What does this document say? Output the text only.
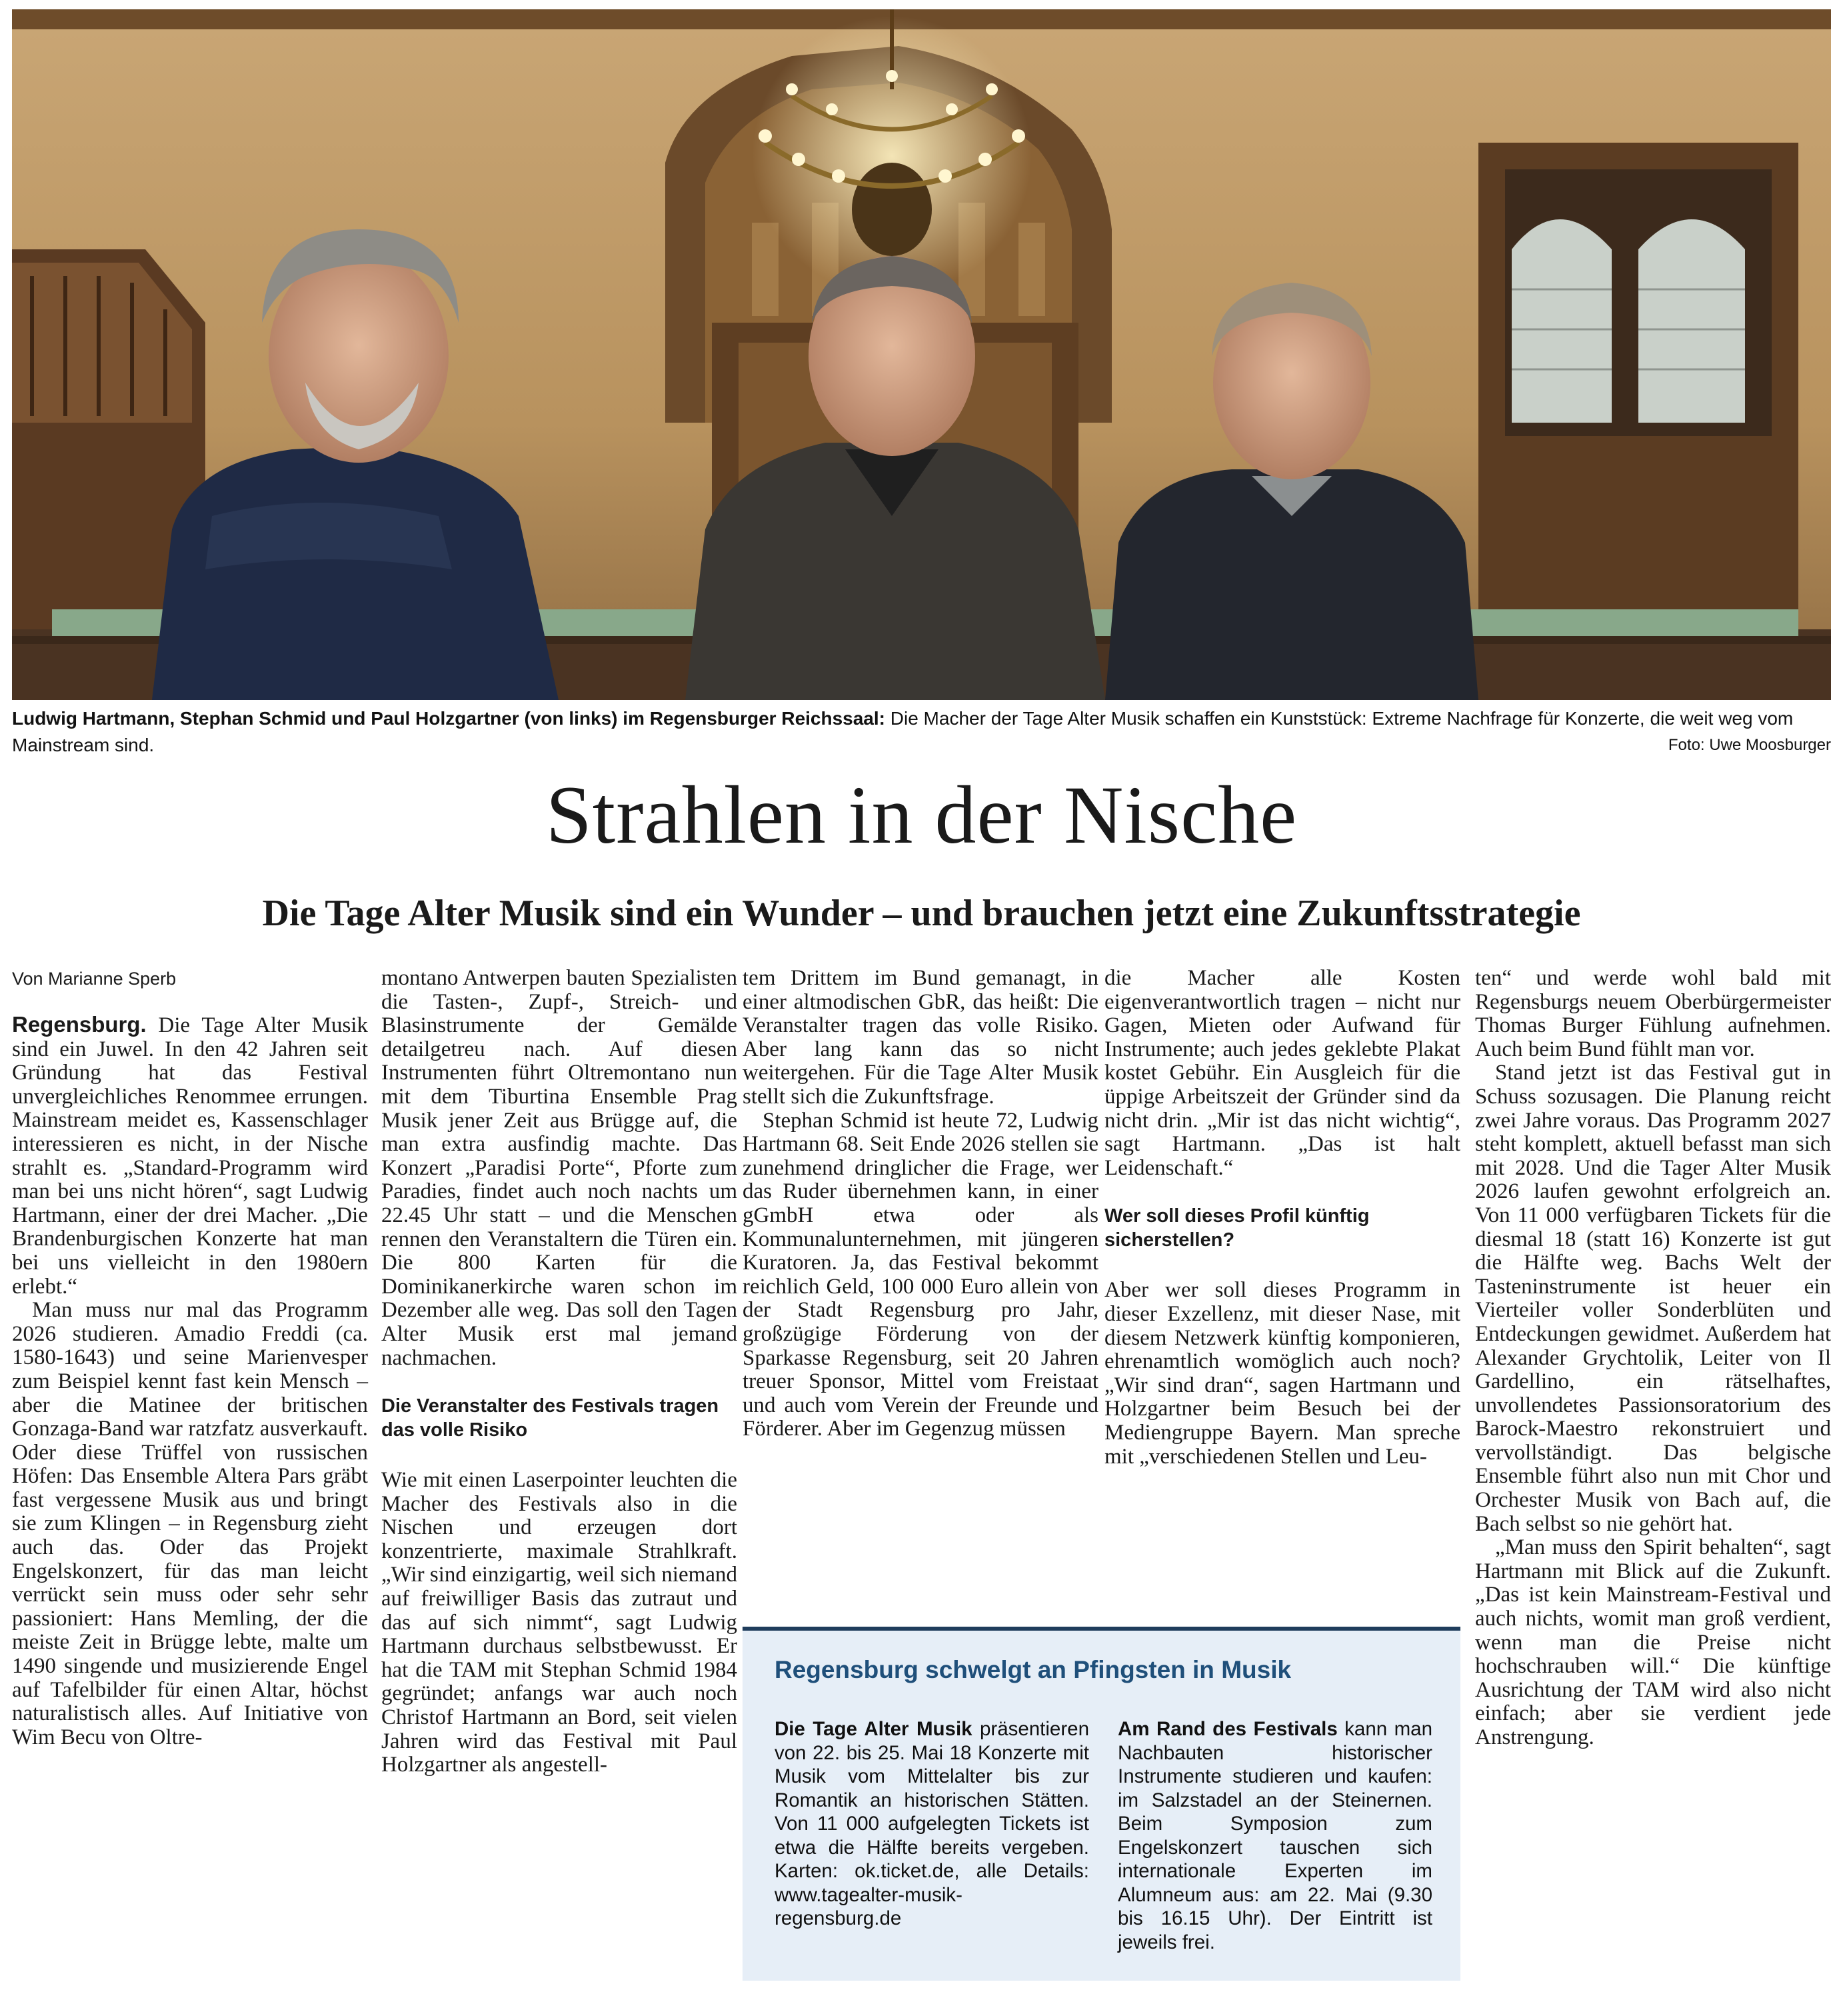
Ludwig Hartmann, Stephan Schmid und Paul Holzgartner (von links) im Regensburger Reichssaal: Die Macher der Tage Alter Musik schaffen ein Kunststück: Extreme Nachfrage für Konzerte, die weit weg vom Mainstream sind.	Foto: Uwe Moosburger
Strahlen in der Nische
Die Tage Alter Musik sind ein Wunder – und brauchen jetzt eine Zukunftsstrategie

Von Marianne Sperb

Regensburg. Die Tage Alter Musik sind ein Juwel. In den 42 Jahren seit Gründung hat das Festival unvergleichliches Renommee errungen. Mainstream meidet es, Kassenschlager interessieren es nicht, in der Nische strahlt es. „Standard-Programm wird man bei uns nicht hören“, sagt Ludwig Hartmann, einer der drei Macher. „Die Brandenburgischen Konzerte hat man bei uns vielleicht in den 1980ern erlebt.“

Man muss nur mal das Programm 2026 studieren. Amadio Freddi (ca. 1580-1643) und seine Marienvesper zum Beispiel kennt fast kein Mensch – aber die Matinee der britischen Gonzaga-Band war ratzfatz ausverkauft. Oder diese Trüffel von russischen Höfen: Das Ensemble Altera Pars gräbt fast vergessene Musik aus und bringt sie zum Klingen – in Regensburg zieht auch das. Oder das Projekt Engelskonzert, für das man leicht verrückt sein muss oder sehr sehr passioniert: Hans Memling, der die meiste Zeit in Brügge lebte, malte um 1490 singende und musizierende Engel auf Tafelbilder für einen Altar, höchst naturalistisch alles. Auf Initiative von Wim Becu von Oltre-

montano Antwerpen bauten Spezialisten die Tasten-, Zupf-, Streich- und Blasinstrumente der Gemälde detailgetreu nach. Auf diesen Instrumenten führt Oltremontano nun mit dem Tiburtina Ensemble Prag Musik jener Zeit aus Brügge auf, die man extra ausfindig machte. Das Konzert „Paradisi Porte“, Pforte zum Paradies, findet auch noch nachts um 22.45 Uhr statt – und die Menschen rennen den Veranstaltern die Türen ein. Die 800 Karten für die Dominikanerkirche waren schon im Dezember alle weg. Das soll den Tagen Alter Musik erst mal jemand nachmachen.

Die Veranstalter des Festivals tragen das volle Risiko

Wie mit einen Laserpointer leuchten die Macher des Festivals also in die Nischen und erzeugen dort konzentrierte, maximale Strahlkraft. „Wir sind einzigartig, weil sich niemand auf freiwilliger Basis das zutraut und das auf sich nimmt“, sagt Ludwig Hartmann durchaus selbstbewusst. Er hat die TAM mit Stephan Schmid 1984 gegründet; anfangs war auch noch Christof Hartmann an Bord, seit vielen Jahren wird das Festival mit Paul Holzgartner als angestell-

tem Drittem im Bund gemanagt, in einer altmodischen GbR, das heißt: Die Veranstalter tragen das volle Risiko. Aber lang kann das so nicht weitergehen. Für die Tage Alter Musik stellt sich die Zukunftsfrage.

Stephan Schmid ist heute 72, Ludwig Hartmann 68. Seit Ende 2026 stellen sie zunehmend dringlicher die Frage, wer das Ruder übernehmen kann, in einer gGmbH etwa oder als Kommunalunternehmen, mit jüngeren Kuratoren. Ja, das Festival bekommt reichlich Geld, 100 000 Euro allein von der Stadt Regensburg pro Jahr, großzügige Förderung von der Sparkasse Regensburg, seit 20 Jahren treuer Sponsor, Mittel vom Freistaat und auch vom Verein der Freunde und Förderer. Aber im Gegenzug müssen

die Macher alle Kosten eigenverantwortlich tragen – nicht nur Gagen, Mieten oder Aufwand für Instrumente; auch jedes geklebte Plakat kostet Gebühr. Ein Ausgleich für die üppige Arbeitszeit der Gründer sind da nicht drin. „Mir ist das nicht wichtig“, sagt Hartmann. „Das ist halt Leidenschaft.“

Wer soll dieses Profil künftig sicherstellen?

Aber wer soll dieses Programm in dieser Exzellenz, mit dieser Nase, mit diesem Netzwerk künftig komponieren, ehrenamtlich womöglich auch noch? „Wir sind dran“, sagen Hartmann und Holzgartner beim Besuch bei der Mediengruppe Bayern. Man spreche mit „verschiedenen Stellen und Leu-

ten“ und werde wohl bald mit Regensburgs neuem Oberbürgermeister Thomas Burger Fühlung aufnehmen. Auch beim Bund fühlt man vor.

Stand jetzt ist das Festival gut in Schuss sozusagen. Die Planung reicht zwei Jahre voraus. Das Programm 2027 steht komplett, aktuell befasst man sich mit 2028. Und die Tager Alter Musik 2026 laufen gewohnt erfolgreich an. Von 11 000 verfügbaren Tickets für die diesmal 18 (statt 16) Konzerte ist gut die Hälfte weg. Bachs Welt der Tasteninstrumente ist heuer ein Vierteiler voller Sonderblüten und Entdeckungen gewidmet. Außerdem hat Alexander Grychtolik, Leiter von Il Gardellino, ein rätselhaftes, unvollendetes Passionsoratorium des Barock-Maestro rekonstruiert und vervollständigt. Das belgische Ensemble führt also nun mit Chor und Orchester Musik von Bach auf, die Bach selbst so nie gehört hat.

„Man muss den Spirit behalten“, sagt Hartmann mit Blick auf die Zukunft. „Das ist kein Mainstream-Festival und auch nichts, womit man groß verdient, wenn man die Preise nicht hochschrauben will.“ Die künftige Ausrichtung der TAM wird also nicht einfach; aber sie verdient jede Anstrengung.

Regensburg schwelgt an Pfingsten in Musik
Die Tage Alter Musik präsentieren von 22. bis 25. Mai 18 Konzerte mit Musik vom Mittelalter bis zur Romantik an historischen Stätten. Von 11 000 aufgelegten Tickets ist etwa die Hälfte bereits vergeben. Karten: ok.ticket.de, alle Details: www.tagealter-musik-regensburg.de
Am Rand des Festivals kann man Nachbauten historischer Instrumente studieren und kaufen: im Salzstadel an der Steinernen. Beim Symposion zum Engelskonzert tauschen sich internationale Experten im Alumneum aus: am 22. Mai (9.30 bis 16.15 Uhr). Der Eintritt ist jeweils frei.
